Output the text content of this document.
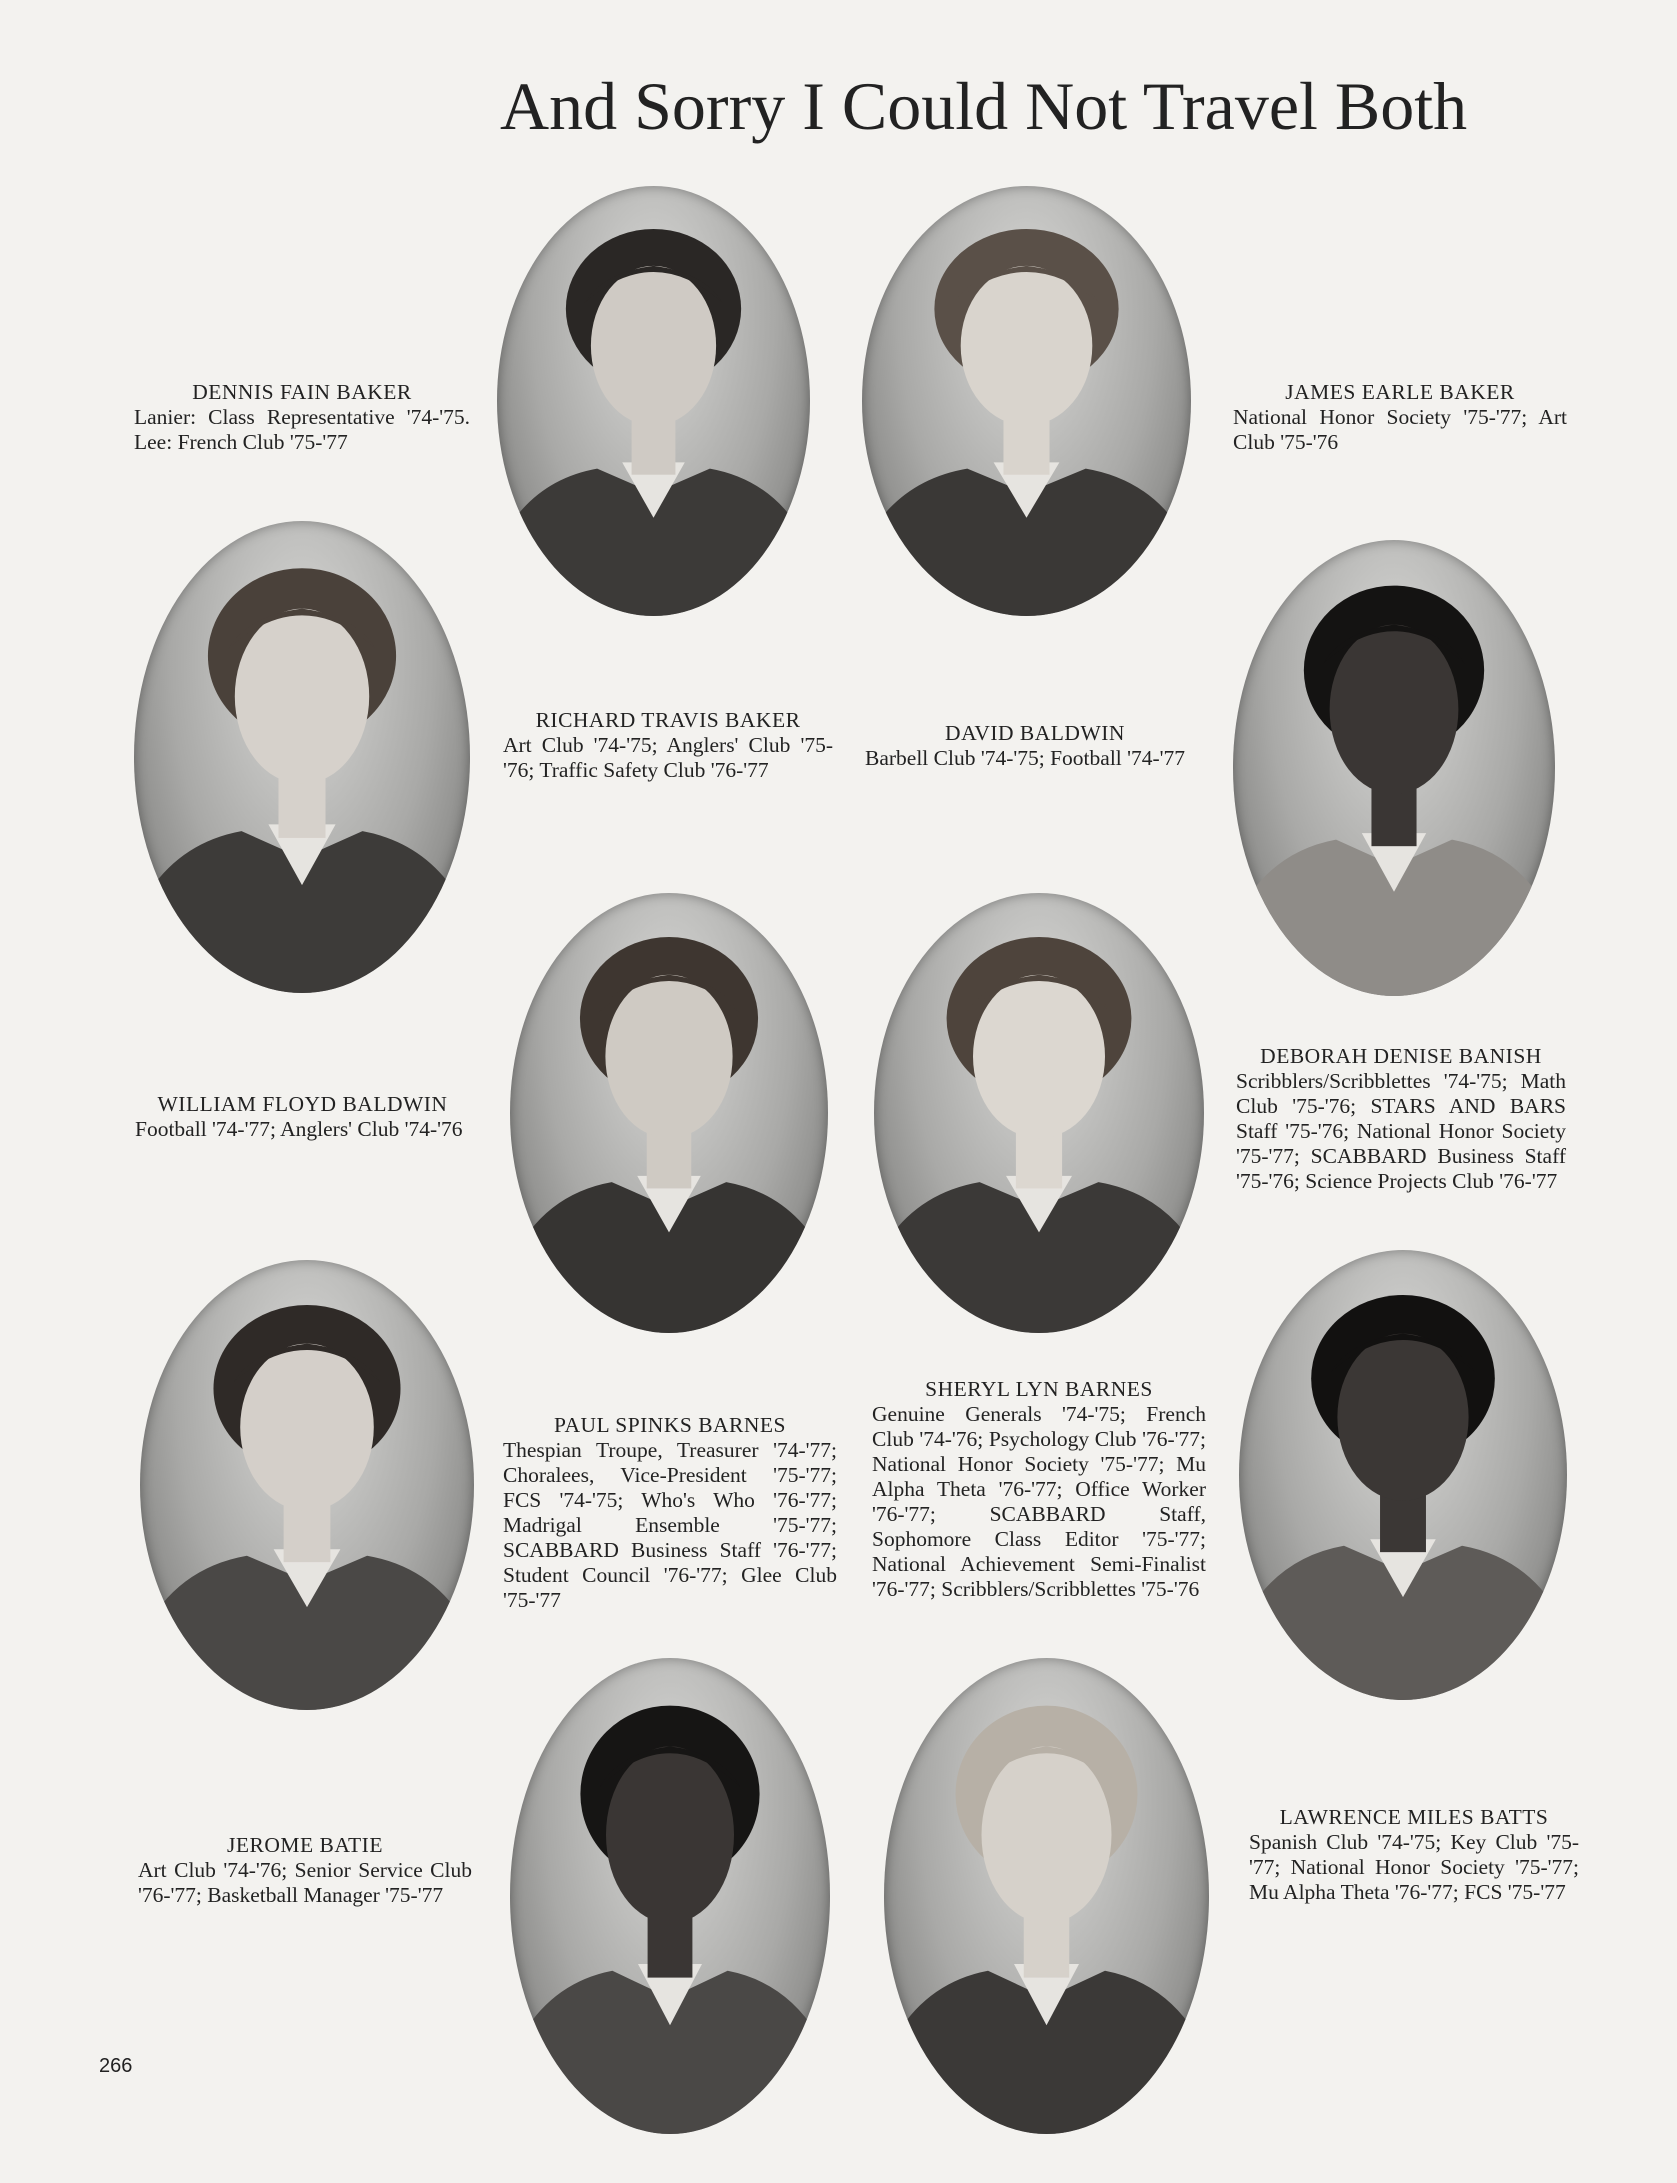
And Sorry I Could Not Travel Both
DENNIS FAIN BAKER
Lanier: Class Representative '74-'75. Lee: French Club '75-'77
RICHARD TRAVIS BAKER
Art Club '74-'75; Anglers' Club '75-'76; Traffic Safety Club '76-'77
DAVID BALDWIN
Barbell Club '74-'75; Football '74-'77
JAMES EARLE BAKER
National Honor Society '75-'77; Art Club '75-'76
WILLIAM FLOYD BALDWIN
Football '74-'77; Anglers' Club '74-'76
DEBORAH DENISE BANISH
Scribblers/Scribblettes '74-'75; Math Club '75-'76; STARS AND BARS Staff '75-'76; National Honor Society '75-'77; SCABBARD Business Staff '75-'76; Science Projects Club '76-'77
PAUL SPINKS BARNES
Thespian Troupe, Treasurer '74-'77; Choralees, Vice-President '75-'77; FCS '74-'75; Who's Who '76-'77; Madrigal Ensemble '75-'77; SCABBARD Business Staff '76-'77; Student Council '76-'77; Glee Club '75-'77
SHERYL LYN BARNES
Genuine Generals '74-'75; French Club '74-'76; Psychology Club '76-'77; National Honor Society '75-'77; Mu Alpha Theta '76-'77; Office Worker '76-'77; SCABBARD Staff, Sophomore Class Editor '75-'77; National Achievement Semi-Finalist '76-'77; Scribblers/Scribblettes '75-'76
JEROME BATIE
Art Club '74-'76; Senior Service Club '76-'77; Basketball Manager '75-'77
LAWRENCE MILES BATTS
Spanish Club '74-'75; Key Club '75-'77; National Honor Society '75-'77; Mu Alpha Theta '76-'77; FCS '75-'77
266
